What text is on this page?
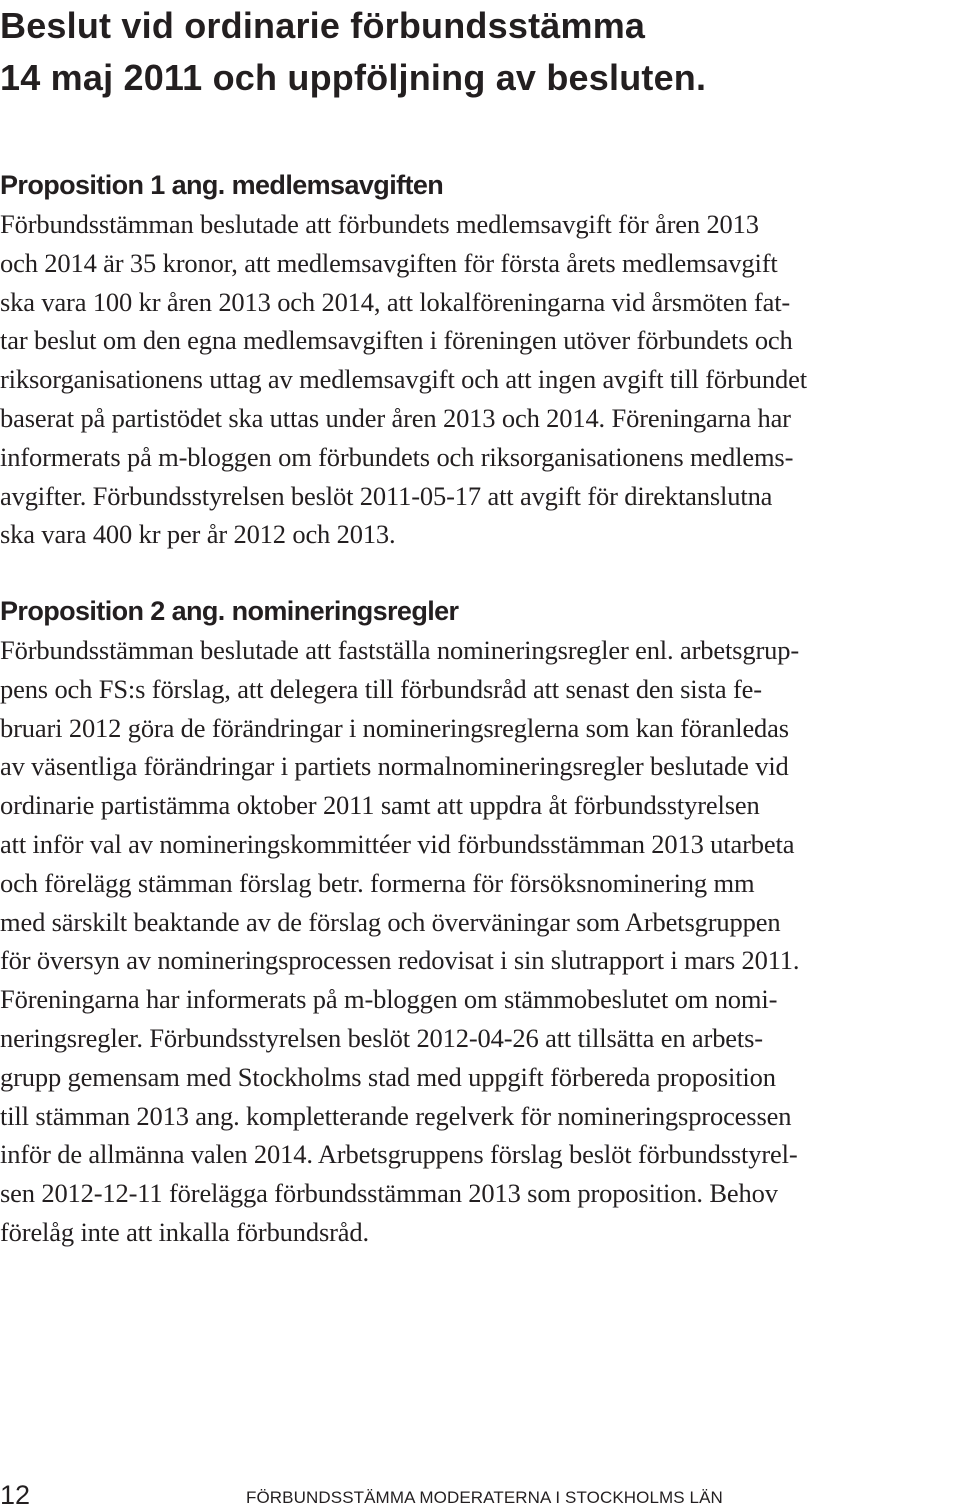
Beslut vid ordinarie förbundsstämma
14 maj 2011 och uppföljning av besluten.
Proposition 1 ang. medlemsavgiften
Förbundsstämman beslutade att förbundets medlemsavgift för åren 2013
och 2014 är 35 kronor, att medlemsavgiften för första årets medlemsavgift
ska vara 100 kr åren 2013 och 2014, att lokalföreningarna vid årsmöten fat-
tar beslut om den egna medlemsavgiften i föreningen utöver förbundets och
riksorganisationens uttag av medlemsavgift och att ingen avgift till förbundet
baserat på partistödet ska uttas under åren 2013 och 2014. Föreningarna har
informerats på m-bloggen om förbundets och riksorganisationens medlems-
avgifter. Förbundsstyrelsen beslöt 2011-05-17 att avgift för direktanslutna
ska vara 400 kr per år 2012 och 2013.
Proposition 2 ang. nomineringsregler
Förbundsstämman beslutade att fastställa nomineringsregler enl. arbetsgrup-
pens och FS:s förslag, att delegera till förbundsråd att senast den sista fe-
bruari 2012 göra de förändringar i nomineringsreglerna som kan föranledas
av väsentliga förändringar i partiets normalnomineringsregler beslutade vid
ordinarie partistämma oktober 2011 samt att uppdra åt förbundsstyrelsen
att inför val av nomineringskommittéer vid förbundsstämman 2013 utarbeta
och förelägg stämman förslag betr. formerna för försöksnominering mm
med särskilt beaktande av de förslag och överväningar som Arbetsgruppen
för översyn av nomineringsprocessen redovisat i sin slutrapport i mars 2011.
Föreningarna har informerats på m-bloggen om stämmobeslutet om nomi-
neringsregler. Förbundsstyrelsen beslöt 2012-04-26 att tillsätta en arbets-
grupp gemensam med Stockholms stad med uppgift förbereda proposition
till stämman 2013 ang. kompletterande regelverk för nomineringsprocessen
inför de allmänna valen 2014. Arbetsgruppens förslag beslöt förbundsstyrel-
sen 2012-12-11 förelägga förbundsstämman 2013 som proposition. Behov
förelåg inte att inkalla förbundsråd.
12	FÖRBUNDSSTÄMMA MODERATERNA I STOCKHOLMS LÄN
